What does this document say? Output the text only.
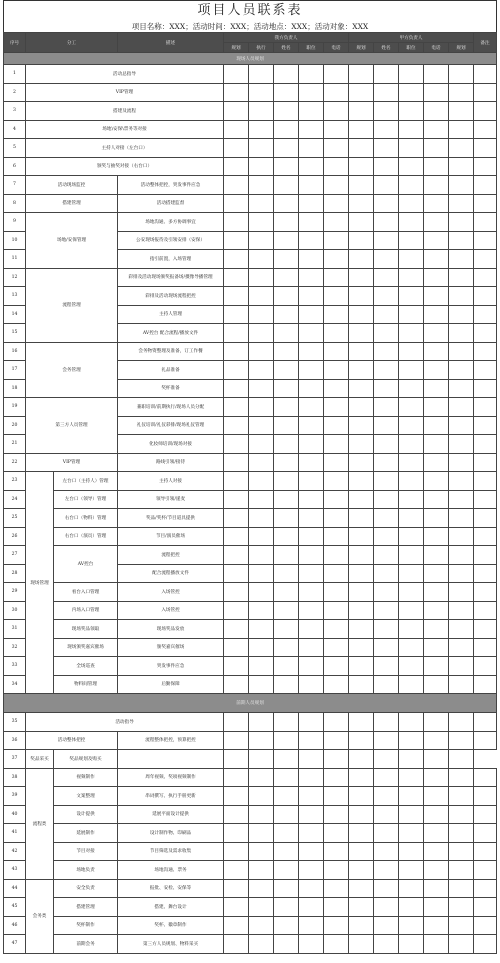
项目人员联系表
项目名称：XXX；活动时间：XXX；活动地点：XXX；活动对象：XXX
序号	分工		描述	我方负责人					甲方负责人					备注
				规划	执行	姓名	职位	电话	规划	姓名	职位	电话	规划	
现场人员规划														
1	活动总指导													
2	VIP管理													
3	搭建及流程													
4	场地\安保\票务等对接													
5	主持人对接（左台口）													
6	颁奖与抽奖对接（右台口）													
7	活动现场监控		活动整体把控，突发事件应急											
8	搭建管理		活动搭建监督											
9	场地/安保管理		场地沟通、多方协调事宜											
10			公安现场报待及引领安排（安保）											
11			指引前置，入场管理											
12	流程管理		彩排及活动现场颁奖报备场/摄像导播管理											
13			彩排及活动现场流程把控											
14			主持人管理											
15			AV控台 配合流程/播放文件											
16	会务管理		会务物资整理及准备，订工作餐											
17			礼品准备											
18			奖杯准备											
19	第三方人员管理		兼职培训/前期执行/现场人员分配											
20			礼仪培训/礼仪彩排/现场礼仪管理											
21			化妆师培训/现场对接											
22	VIP管理		路线引领/接待											
23	现场管理	左台口（主持人）管理	主持人对接											
24		左台口（领导）管理	领导引领/递麦											
25		右台口（物料）管理	奖品/奖杯/节目道具提供											
26		右台口（演员）管理	节目/演员催场											
27		AV控台	流程把控											
28			配合流程播放文件											
29		看台入口管理	入场管控											
30		内场入口管理	入场管控											
31		现场奖品领取	现场奖品发放											
32		现场颁奖嘉宾催场	颁奖嘉宾催场											
33		全场巡查	突发事件应急											
34		物料间管理	后勤保障											
前期人员规划														
35	活动指导													
36	活动整体把控		流程整体把控，预算把控											
37	奖品采买	奖品规划及购买												
38	流程类	视频制作	周年视频、奖项视频制作											
39		文案整理	串词撰写、执行手册更新											
40		设计提供	延展平面设计提供											
41		延展制作	设计制作物、印刷品											
42		节目对接	节目筛选及需求收集											
43		场地负责	场地沟通、票务											
44	会务类	安全负责	报批、安检、安保等											
45		搭建管理	搭建、舞台设计											
46		奖杯制作	奖杯、徽章制作											
47		前期会务	第三方人员规划、物料采买											
